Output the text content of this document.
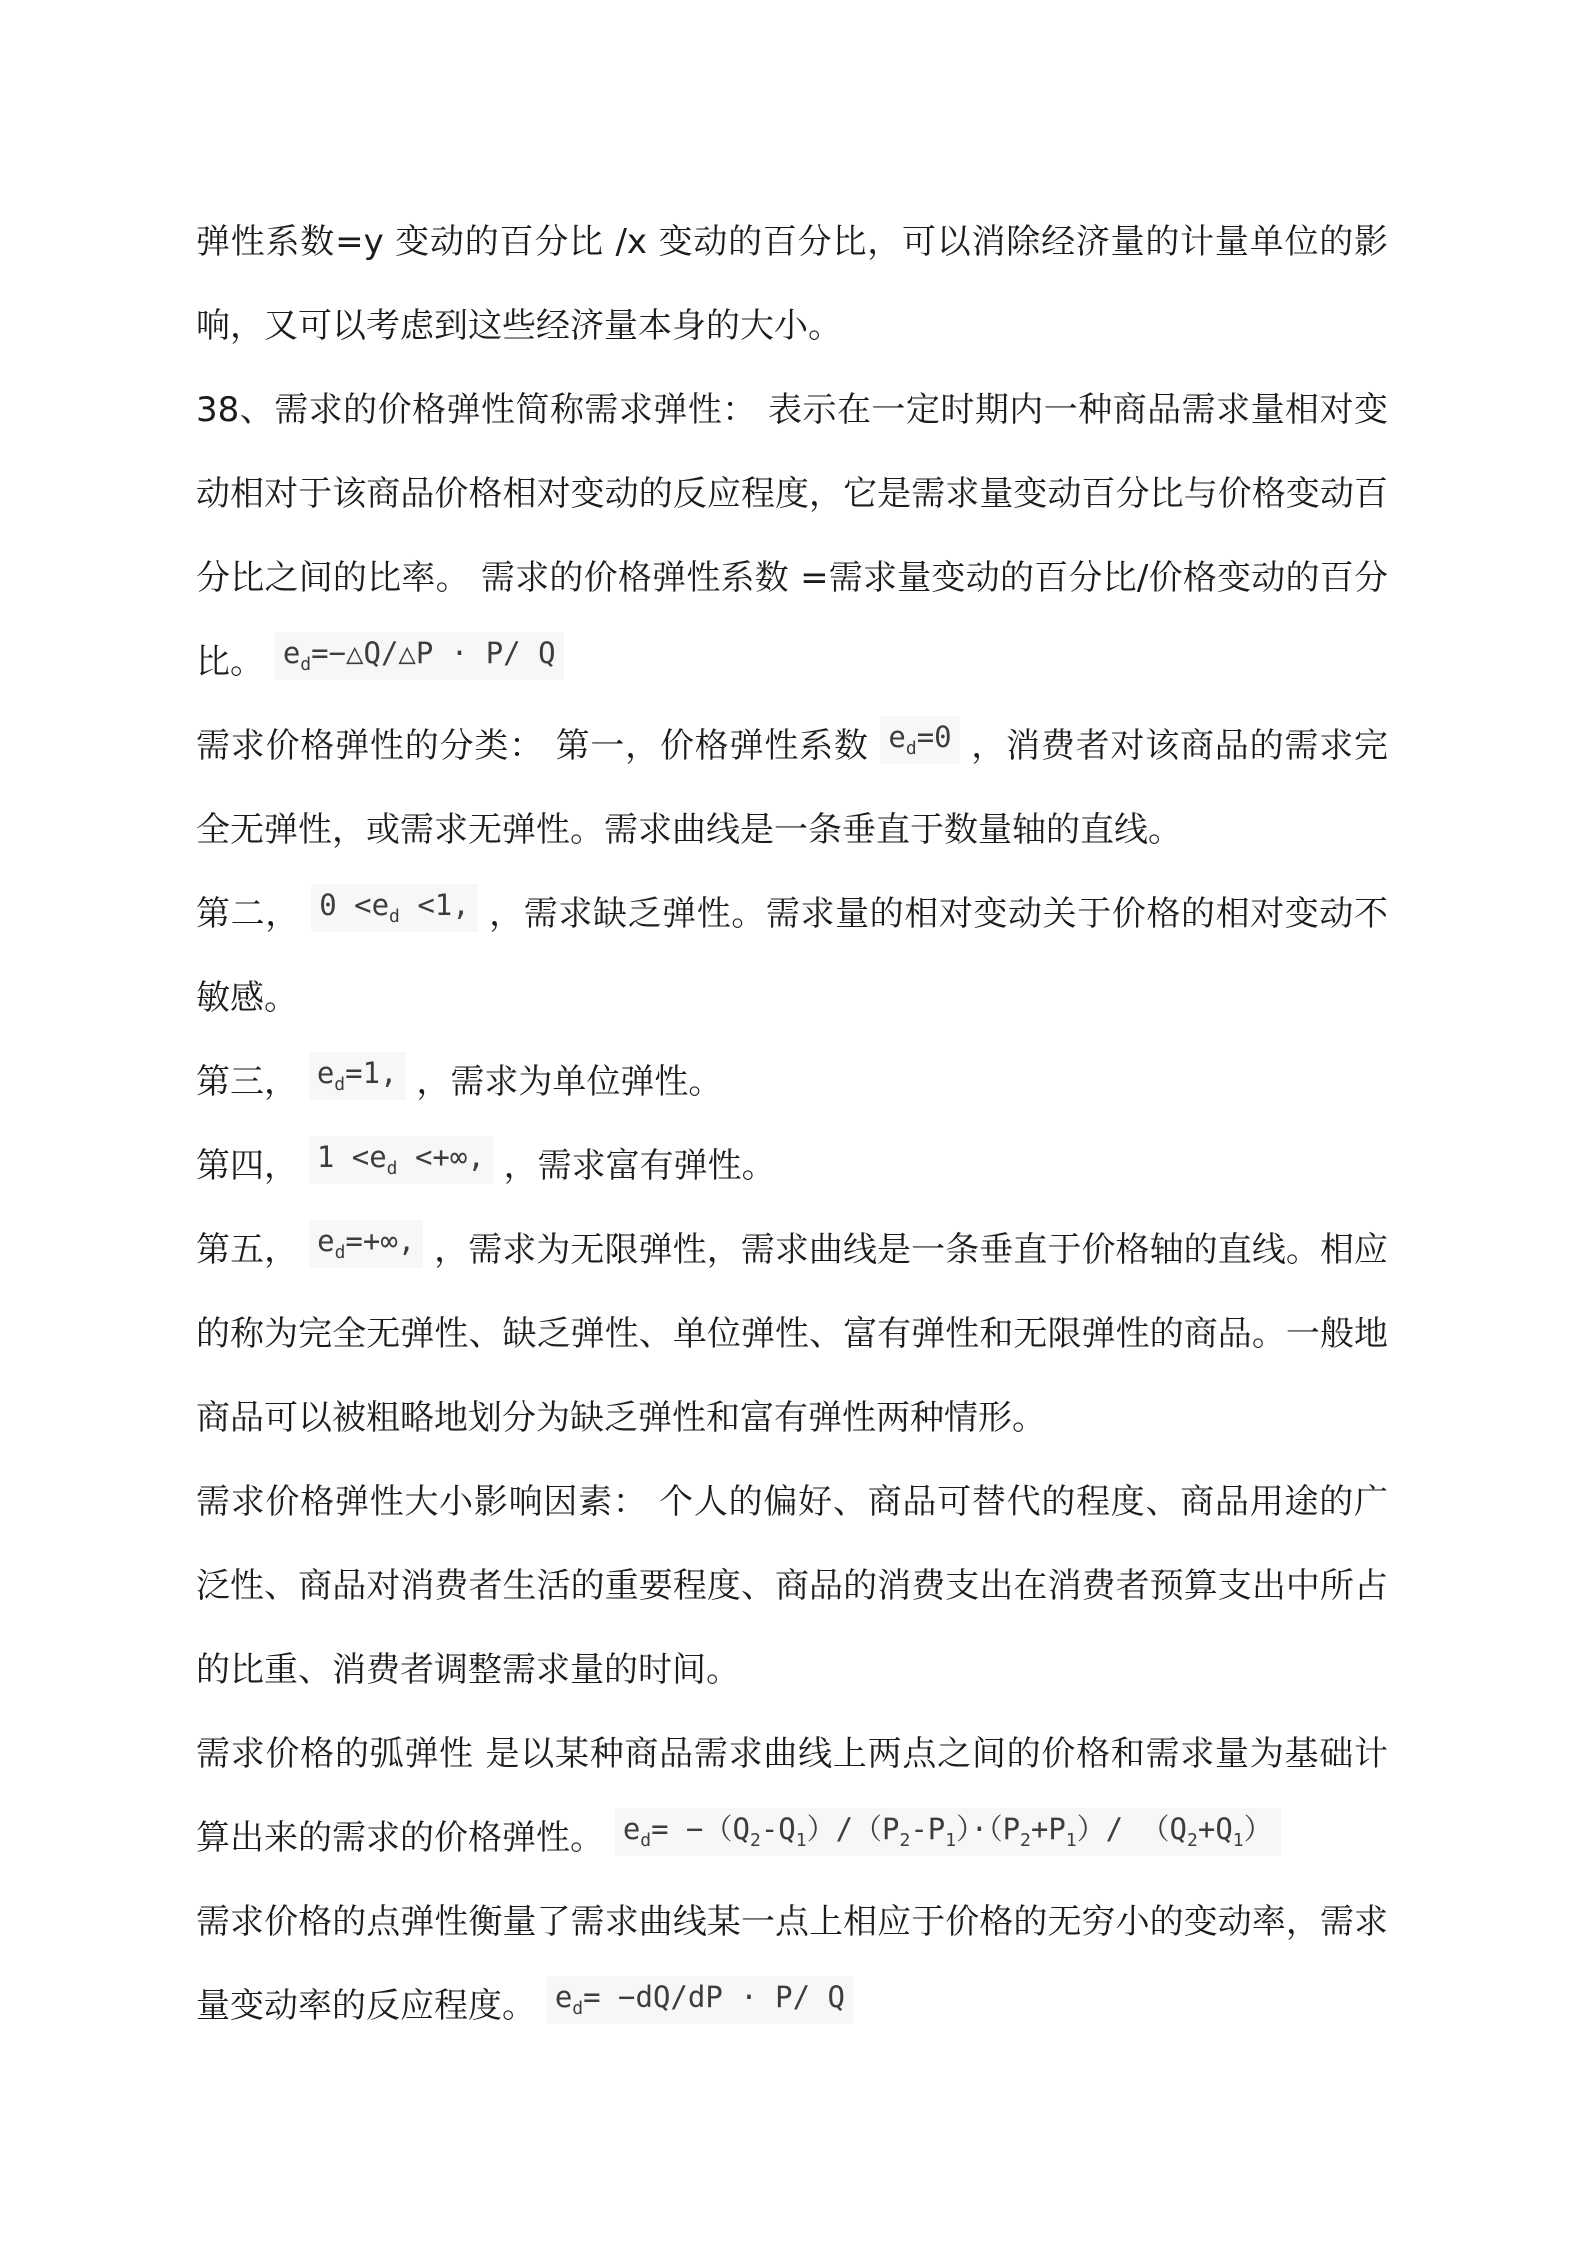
弹性系数=y 变动的百分比 /x 变动的百分比，可以消除经济量的计量单位的影响，又可以考虑到这些经济量本身的大小。

38、需求的价格弹性简称需求弹性： 表示在一定时期内一种商品需求量相对变动相对于该商品价格相对变动的反应程度，它是需求量变动百分比与价格变动百分比之间的比率。 需求的价格弹性系数 =需求量变动的百分比/价格变动的百分比。 $e_d=-\triangle Q/\triangle P \cdot P/$ Q

需求价格弹性的分类： 第一，价格弹性系数 $e_d=0$ ，消费者对该商品的需求完全无弹性，或需求无弹性。需求曲线是一条垂直于数量轴的直线。

第二， $0 <e_d <1$, ，需求缺乏弹性。需求量的相对变动关于价格的相对变动不敏感。

第三， $e_d=1$, ，需求为单位弹性。

第四， $1 <e_d$ <+∞, ，需求富有弹性。

第五， $e_d=+\infty$, ，需求为无限弹性，需求曲线是一条垂直于价格轴的直线。相应的称为完全无弹性、缺乏弹性、单位弹性、富有弹性和无限弹性的商品。一般地商品可以被粗略地划分为缺乏弹性和富有弹性两种情形。

需求价格弹性大小影响因素： 个人的偏好、商品可替代的程度、商品用途的广泛性、商品对消费者生活的重要程度、商品的消费支出在消费者预算支出中所占的比重、消费者调整需求量的时间。

需求价格的弧弹性 是以某种商品需求曲线上两点之间的价格和需求量为基础计算出来的需求的价格弹性。 $e_d= -(Q_2-Q_1)/(P_2-P_1)\cdot(P_2+P_1)/$ $(Q_2+Q_1)$

需求价格的点弹性衡量了需求曲线某一点上相应于价格的无穷小的变动率，需求量变动率的反应程度。 $e_d= -dQ/dP \cdot P/$ Q
